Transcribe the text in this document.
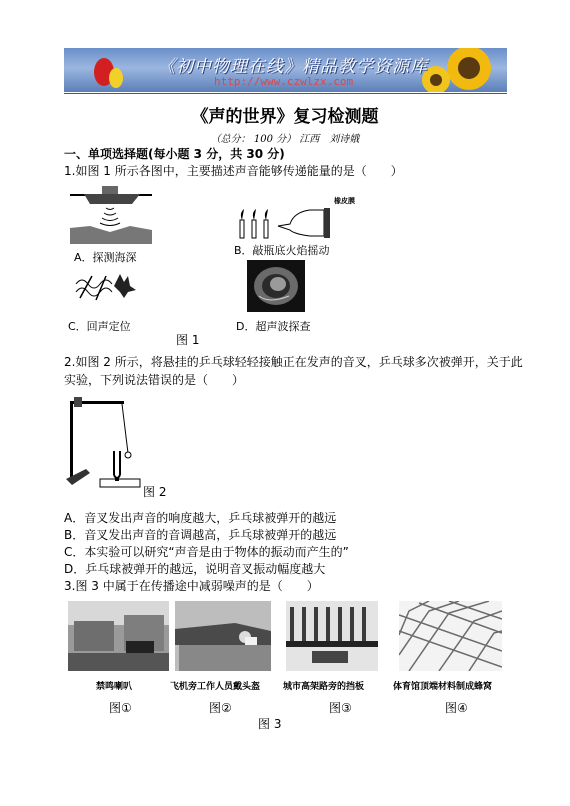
《初中物理在线》精品教学资源库
http://www.czwlzx.com
《声的世界》复习检测题
（总分： 100 分） 江西　刘诗娥
一、单项选择题(每小题 3 分，共 30 分)
1.如图 1 所示各图中，主要描述声音能够传递能量的是（　　）
A．探测海深
橡皮膜
B．敲瓶底火焰摇动
C．回声定位	D．超声波探查
图 1
2.如图 2 所示，将悬挂的乒乓球轻轻接触正在发声的音叉，乒乓球多次被弹开，关于此
实验，下列说法错误的是（　　）
图 2
A．音叉发出声音的响度越大，乒乓球被弹开的越远
B．音叉发出声音的音调越高，乒乓球被弹开的越远
C．本实验可以研究“声音是由于物体的振动而产生的”
D．乒乓球被弹开的越远，说明音叉振动幅度越大
3.图 3 中属于在传播途中减弱噪声的是（　　）
禁鸣喇叭	飞机旁工作人员戴头盔	城市高架路旁的挡板	体育馆顶端材料制成蜂窝
图①	图②	图③	图④
图 3
